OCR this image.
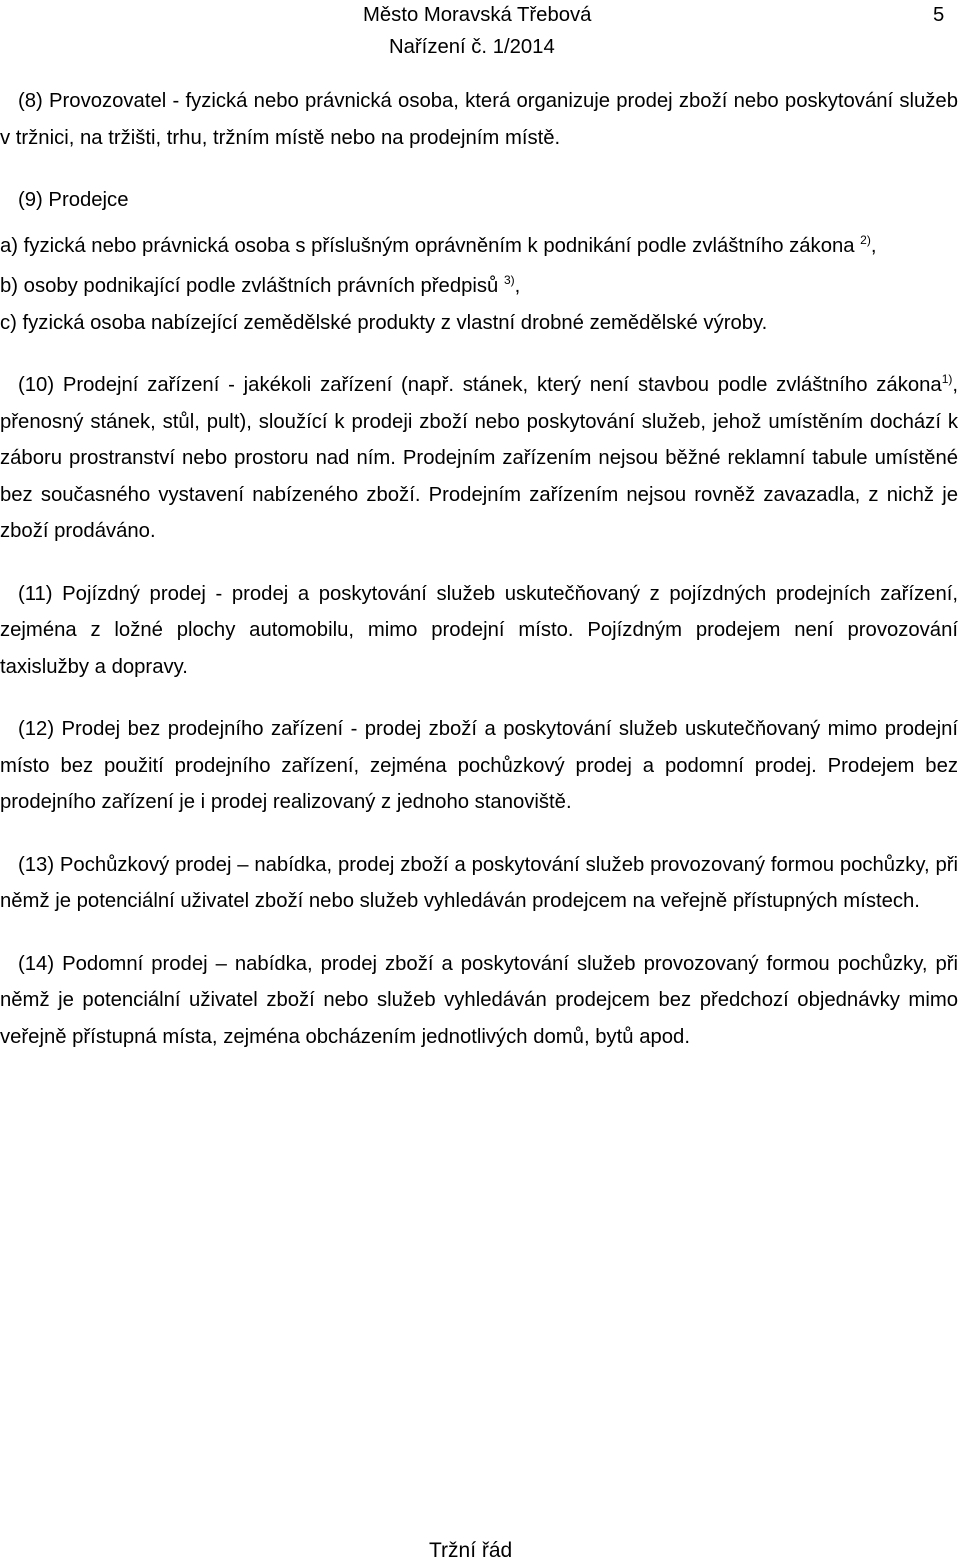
Město Moravská Třebová	5
Nařízení č. 1/2014

(8) Provozovatel - fyzická nebo právnická osoba, která organizuje prodej zboží nebo poskytování služeb v tržnici, na tržišti, trhu, tržním místě nebo na prodejním místě.

(9) Prodejce

a) fyzická nebo právnická osoba s příslušným oprávněním k podnikání podle zvláštního zákona $^{2)}$,

b) osoby podnikající podle zvláštních právních předpisů $^{3)}$,

c) fyzická osoba nabízející zemědělské produkty z vlastní drobné zemědělské výroby.

(10) Prodejní zařízení - jakékoli zařízení (např. stánek, který není stavbou podle zvláštního zákona$^{1)}$, přenosný stánek, stůl, pult), sloužící k prodeji zboží nebo poskytování služeb, jehož umístěním dochází k záboru prostranství nebo prostoru nad ním. Prodejním zařízením nejsou běžné reklamní tabule umístěné bez současného vystavení nabízeného zboží. Prodejním zařízením nejsou rovněž zavazadla, z nichž je zboží prodáváno.

(11) Pojízdný prodej - prodej a poskytování služeb uskutečňovaný z pojízdných prodejních zařízení, zejména z ložné plochy automobilu, mimo prodejní místo. Pojízdným prodejem není provozování taxislužby a dopravy.

(12) Prodej bez prodejního zařízení - prodej zboží a poskytování služeb uskutečňovaný mimo prodejní místo bez použití prodejního zařízení, zejména pochůzkový prodej a podomní prodej. Prodejem bez prodejního zařízení je i prodej realizovaný z jednoho stanoviště.

(13) Pochůzkový prodej – nabídka, prodej zboží a poskytování služeb provozovaný formou pochůzky, při němž je potenciální uživatel zboží nebo služeb vyhledáván prodejcem na veřejně přístupných místech.

(14) Podomní prodej – nabídka, prodej zboží a poskytování služeb provozovaný formou pochůzky, při němž je potenciální uživatel zboží nebo služeb vyhledáván prodejcem bez předchozí objednávky mimo veřejně přístupná místa, zejména obcházením jednotlivých domů, bytů apod.

Tržní řád
